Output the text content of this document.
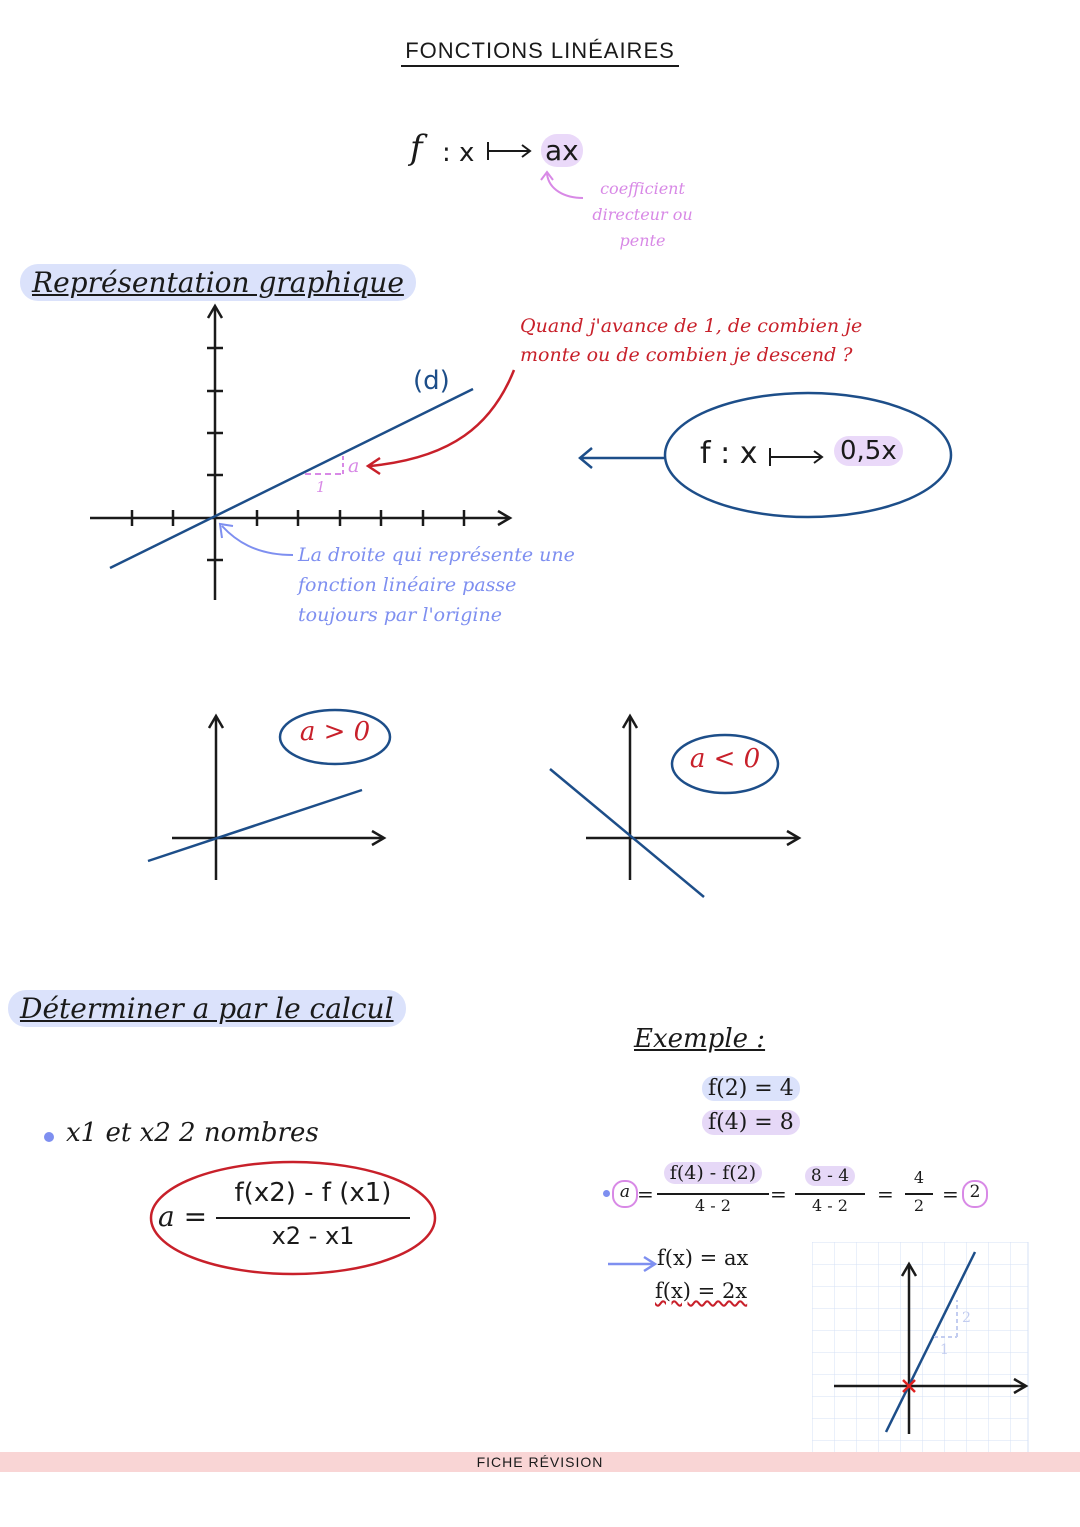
FONCTIONS LINÉAIRES
f : x	ax
coefficient
directeur ou
pente
Représentation graphique
1
a
(d)
Quand j'avance de 1, de combien je
monte ou de combien je descend ?
La droite qui représente une
fonction linéaire passe
toujours par l'origine
f : x	0,5x
a > 0
a < 0
Déterminer a par le calcul
x1 et x2 2 nombres
a =
f(x2) - f (x1)
x2 - x1
Exemple :
f(2) = 4
f(4) = 8
a =
f(4) - f(2)
4 - 2	=
8 - 4
4 - 2	=
4
2 = 2
f(x) = ax
f(x) = 2x
2
1
FICHE RÉVISION
